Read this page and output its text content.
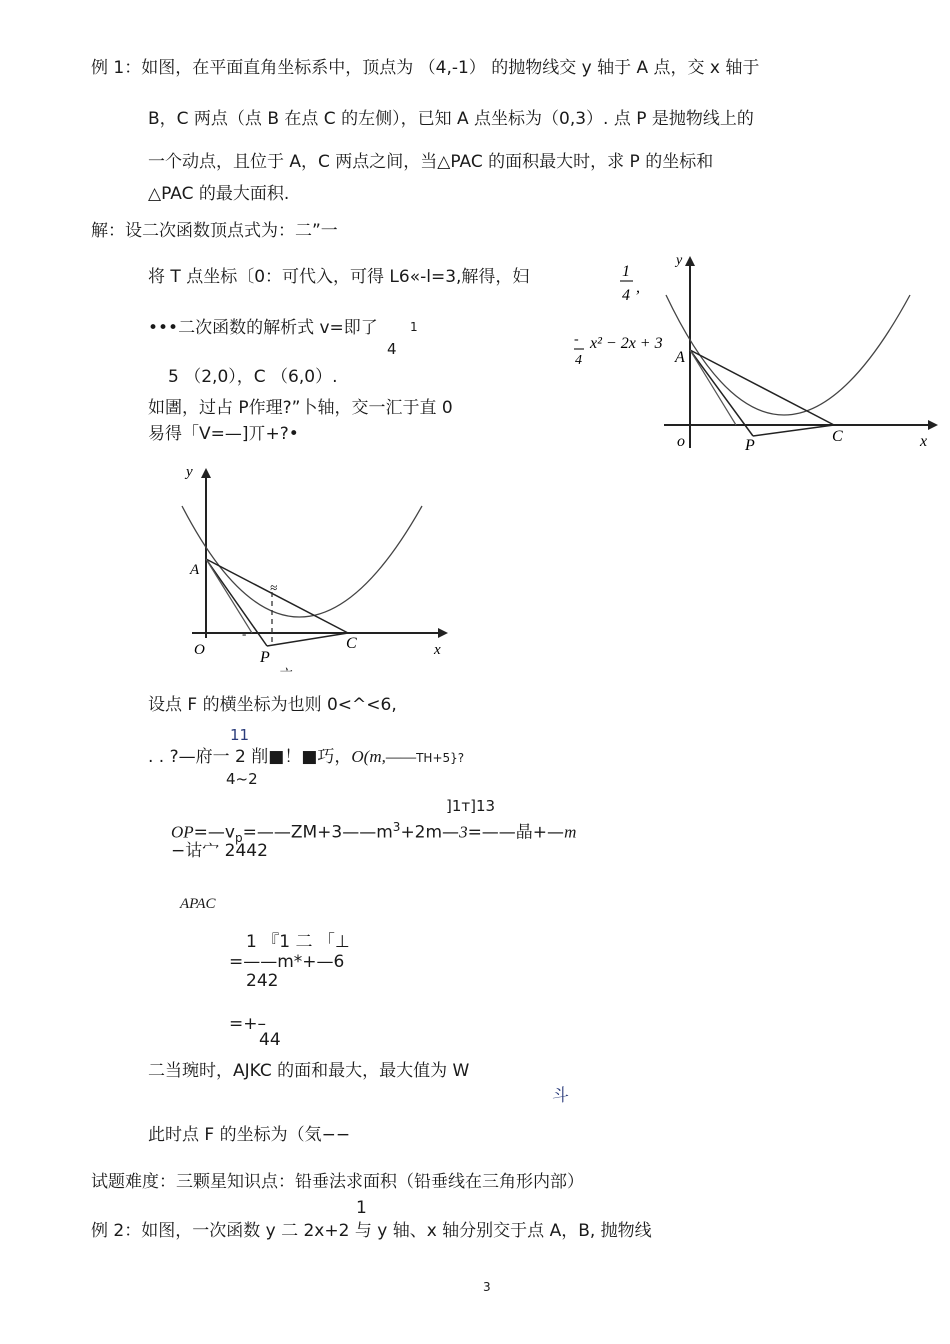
例 1：如图，在平面直角坐标系中，顶点为 （4,-1） 的抛物线交 y 轴于 A 点，交 x 轴于
B，C 两点（点 B 在点 C 的左侧），已知 A 点坐标为（0,3）. 点 P 是抛物线上的
一个动点，且位于 A，C 两点之间，当△PAC 的面积最大时，求 P 的坐标和
△PAC 的最大面积.
解：设二次函数顶点式为：二”一
将 T 点坐标〔0：可代入，可得 L6«-l=3,解得，妇
•••二次函数的解析式 v=即了	1
4
5 （2,0），C （6,0）.
如圕，过占 P作理?”卜轴，交一汇于直 0
易得「V=—]丌+?•
1
4 ,
-
4
x² − 2x + 3
y
x
o
A
P
C
y
x
O
A
P
C
-
≈
亠
设点 F 的横坐标为也则 0<^<6,
11
. . ?—府一 2 削■！■巧，O(m,——TH+5}?
4~2
]1т]13
$OP=—v_p=——ZM+3——m^3+2m—3=——$晶+—m
−诂宀 2442
APAC
1 『1 二 「⊥
=——m*+—6
242
=+–
44
二当琬时，AJKC 的面和最大，最大值为 W
斗
此时点 F 的坐标为（気−−
试题难度：三颗星知识点：铅垂法求面积（铅垂线在三角形内部）
1
例 2：如图，一次函数 y 二 2x+2 与 y 轴、x 轴分别交于点 A，B, 抛物线
3
